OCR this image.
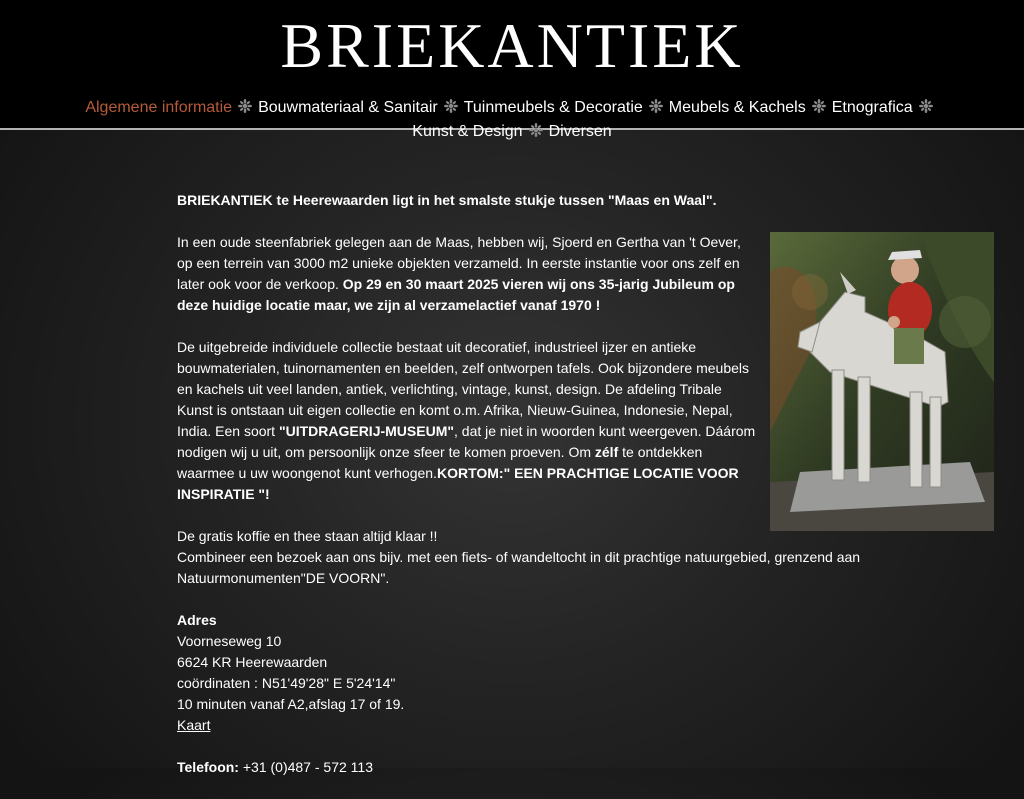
BRIEKANTIEK
Algemene informatie Bouwmateriaal & Sanitair Tuinmeubels & Decoratie Meubels & Kachels Etnografica
Kunst & Design Diversen

BRIEKANTIEK te Heerewaarden ligt in het smalste stukje tussen "Maas en Waal".

In een oude steenfabriek gelegen aan de Maas, hebben wij, Sjoerd en Gertha van 't Oever, op een terrein van 3000 m2 unieke objekten verzameld. In eerste instantie voor ons zelf en later ook voor de verkoop. Op 29 en 30 maart 2025 vieren wij ons 35-jarig Jubileum op deze huidige locatie maar, we zijn al verzamelactief vanaf 1970 !

De uitgebreide individuele collectie bestaat uit decoratief, industrieel ijzer en antieke bouwmaterialen, tuinornamenten en beelden, zelf ontworpen tafels. Ook bijzondere meubels en kachels uit veel landen, antiek, verlichting, vintage, kunst, design. De afdeling Tribale Kunst is ontstaan uit eigen collectie en komt o.m. Afrika, Nieuw-Guinea, Indonesie, Nepal, India. Een soort "UITDRAGERIJ-MUSEUM", dat je niet in woorden kunt weergeven. Dáárom nodigen wij u uit, om persoonlijk onze sfeer te komen proeven. Om zélf te ontdekken waarmee u uw woongenot kunt verhogen.KORTOM:" EEN PRACHTIGE LOCATIE VOOR INSPIRATIE "!

De gratis koffie en thee staan altijd klaar !!
Combineer een bezoek aan ons bijv. met een fiets- of wandeltocht in dit prachtige natuurgebied, grenzend aan Natuurmonumenten"DE VOORN".

Adres
Voorneseweg 10
6624 KR Heerewaarden
coördinaten : N51'49'28" E 5'24'14"
10 minuten vanaf A2,afslag 17 of 19.
Kaart

Telefoon: +31 (0)487 - 572 113
